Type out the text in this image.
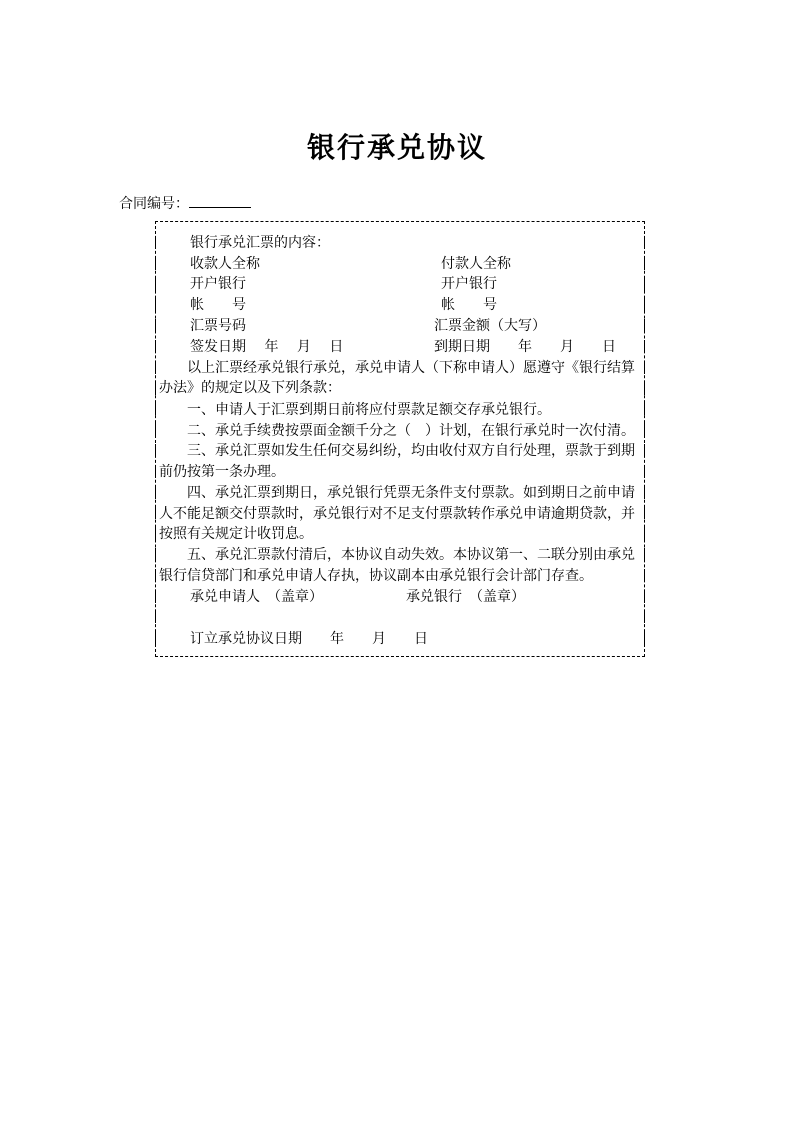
银行承兑协议
合同编号：
银行承兑汇票的内容：
收款人全称	付款人全称
开户银行	开户银行
帐　　号	帐　　号
汇票号码	汇票金额（大写）
签发日期　 年　 月　 日	到期日期　　年　　月　　日
　　以上汇票经承兑银行承兑，承兑申请人（下称申请人）愿遵守《银行结算
办法》的规定以及下列条款：
　　一、申请人于汇票到期日前将应付票款足额交存承兑银行。
　　二、承兑手续费按票面金额千分之（　）计划，在银行承兑时一次付清。
　　三、承兑汇票如发生任何交易纠纷，均由收付双方自行处理，票款于到期
前仍按第一条办理。
　　四、承兑汇票到期日，承兑银行凭票无条件支付票款。如到期日之前申请
人不能足额交付票款时，承兑银行对不足支付票款转作承兑申请逾期贷款，并
按照有关规定计收罚息。
　　五、承兑汇票款付清后，本协议自动失效。本协议第一、二联分别由承兑
银行信贷部门和承兑申请人存执，协议副本由承兑银行会计部门存查。
承兑申请人　（盖章）	承兑银行　（盖章）
订立承兑协议日期　　年　　月　　日
